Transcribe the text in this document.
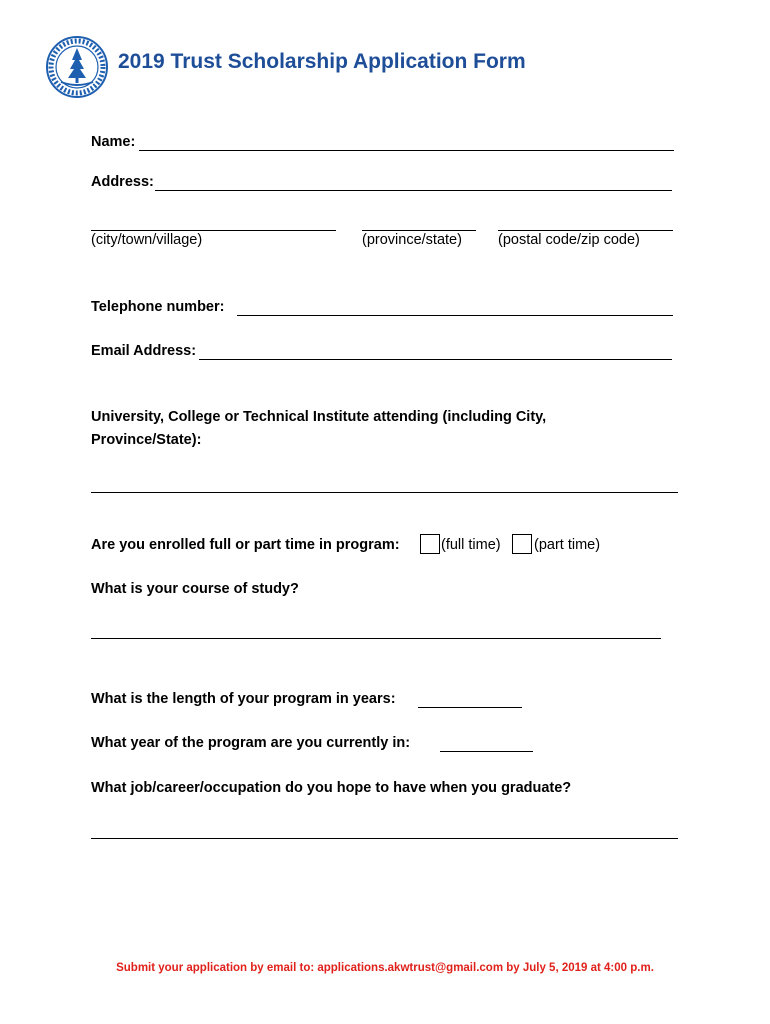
2019 Trust Scholarship Application Form
Name:
Address:
(city/town/village)	(province/state) (postal code/zip code)
Telephone number:
Email Address:
University, College or Technical Institute attending (including City,
Province/State):
Are you enrolled full or part time in program:	(full time) (part time)
What is your course of study?
What is the length of your program in years:
What year of the program are you currently in:
What job/career/occupation do you hope to have when you graduate?
Submit your application by email to: applications.akwtrust@gmail.com by July 5, 2019 at 4:00 p.m.
